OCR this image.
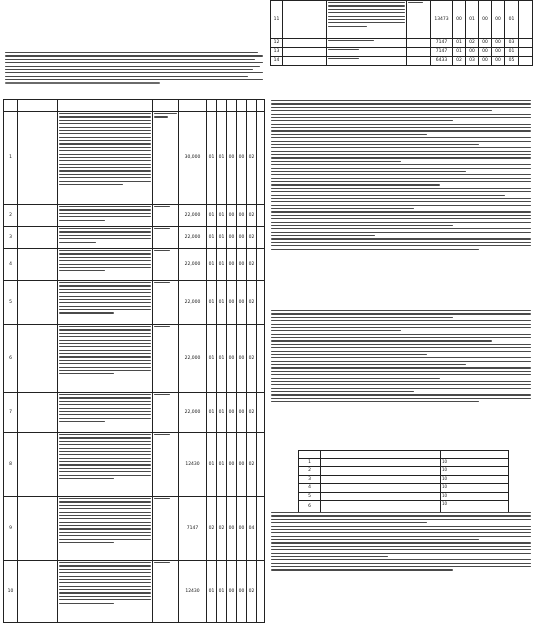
1				30,000	01	01	00	00	02	
2				22,000	01	01	00	00	02	
3				22,000	01	01	00	00	02	
4				22,000	01	01	00	00	02	
5				22,000	01	01	00	00	02	
6				22,000	01	01	00	00	02	
7				22,000	01	01	00	00	02	
8				12430	01	01	00	00	02	
9				7147	02	02	00	00	04	
10				12430	01	01	00	00	02	
11				13473	00	01	00	00	01	
12				7147	01	02	00	00	03	
13				7147	01	00	00	00	01	
14				6433	02	03	00	00	05	

1		10
2		10
3		10
4		10
5		10
6		10
